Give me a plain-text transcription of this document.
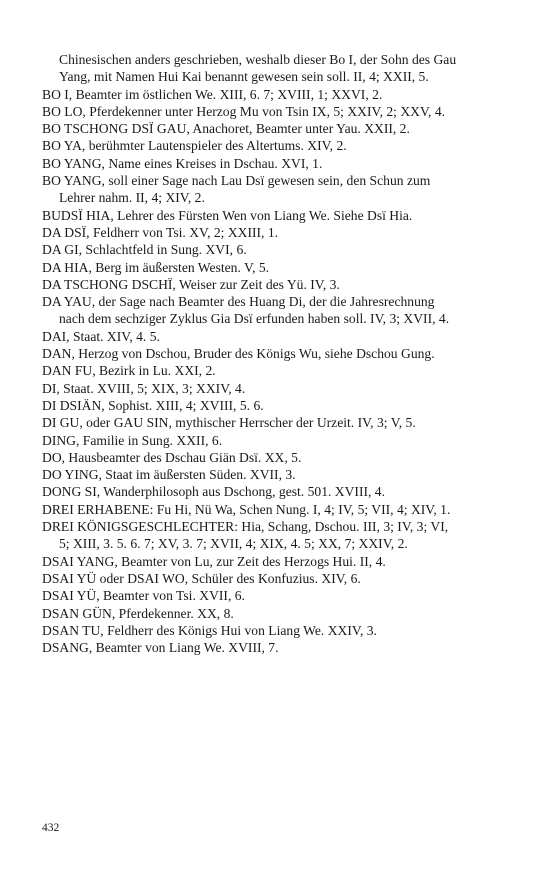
Chinesischen anders geschrieben, weshalb dieser Bo I, der Sohn des Gau Yang, mit Namen Hui Kai benannt gewesen sein soll. II, 4; XXII, 5.

BO I, Beamter im östlichen We. XIII, 6. 7; XVIII, 1; XXVI, 2.

BO LO, Pferdekenner unter Herzog Mu von Tsin IX, 5; XXIV, 2; XXV, 4.

BO TSCHONG DSÏ GAU, Anachoret, Beamter unter Yau. XXII, 2.

BO YA, berühmter Lautenspieler des Altertums. XIV, 2.

BO YANG, Name eines Kreises in Dschau. XVI, 1.

BO YANG, soll einer Sage nach Lau Dsï gewesen sein, den Schun zum Lehrer nahm. II, 4; XIV, 2.

BUDSÏ HIA, Lehrer des Fürsten Wen von Liang We. Siehe Dsï Hia.

DA DSÏ, Feldherr von Tsi. XV, 2; XXIII, 1.

DA GI, Schlachtfeld in Sung. XVI, 6.

DA HIA, Berg im äußersten Westen. V, 5.

DA TSCHONG DSCHÏ, Weiser zur Zeit des Yü. IV, 3.

DA YAU, der Sage nach Beamter des Huang Di, der die Jahresrechnung nach dem sechziger Zyklus Gia Dsï erfunden haben soll. IV, 3; XVII, 4.

DAI, Staat. XIV, 4. 5.

DAN, Herzog von Dschou, Bruder des Königs Wu, siehe Dschou Gung.

DAN FU, Bezirk in Lu. XXI, 2.

DI, Staat. XVIII, 5; XIX, 3; XXIV, 4.

DI DSIÄN, Sophist. XIII, 4; XVIII, 5. 6.

DI GU, oder GAU SIN, mythischer Herrscher der Urzeit. IV, 3; V, 5.

DING, Familie in Sung. XXII, 6.

DO, Hausbeamter des Dschau Giän Dsï. XX, 5.

DO YING, Staat im äußersten Süden. XVII, 3.

DONG SI, Wanderphilosoph aus Dschong, gest. 501. XVIII, 4.

DREI ERHABENE: Fu Hi, Nü Wa, Schen Nung. I, 4; IV, 5; VII, 4; XIV, 1.

DREI KÖNIGSGESCHLECHTER: Hia, Schang, Dschou. III, 3; IV, 3; VI, 5; XIII, 3. 5. 6. 7; XV, 3. 7; XVII, 4; XIX, 4. 5; XX, 7; XXIV, 2.

DSAI YANG, Beamter von Lu, zur Zeit des Herzogs Hui. II, 4.

DSAI YÜ oder DSAI WO, Schüler des Konfuzius. XIV, 6.

DSAI YÜ, Beamter von Tsi. XVII, 6.

DSAN GÜN, Pferdekenner. XX, 8.

DSAN TU, Feldherr des Königs Hui von Liang We. XXIV, 3.

DSANG, Beamter von Liang We. XVIII, 7.

432
